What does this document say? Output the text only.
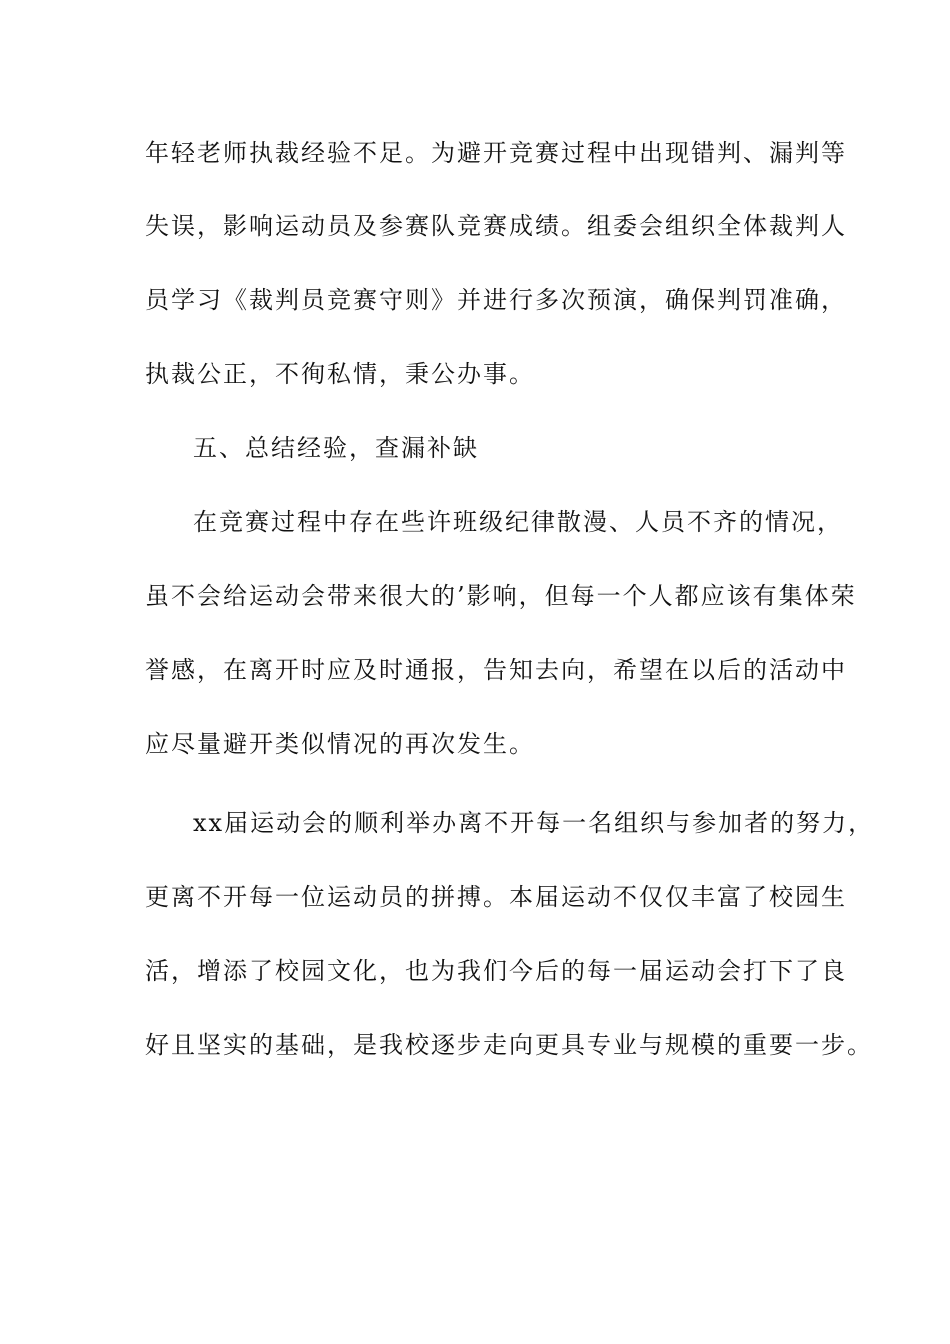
年轻老师执裁经验不足。为避开竞赛过程中出现错判、漏判等

失误，影响运动员及参赛队竞赛成绩。组委会组织全体裁判人

员学习《裁判员竞赛守则》并进行多次预演，确保判罚准确，

执裁公正，不徇私情，秉公办事。

五、总结经验，查漏补缺

在竞赛过程中存在些许班级纪律散漫、人员不齐的情况，

虽不会给运动会带来很大的’影响，但每一个人都应该有集体荣

誉感，在离开时应及时通报，告知去向，希望在以后的活动中

应尽量避开类似情况的再次发生。

xx届运动会的顺利举办离不开每一名组织与参加者的努力，

更离不开每一位运动员的拼搏。本届运动不仅仅丰富了校园生

活，增添了校园文化，也为我们今后的每一届运动会打下了良

好且坚实的基础，是我校逐步走向更具专业与规模的重要一步。
